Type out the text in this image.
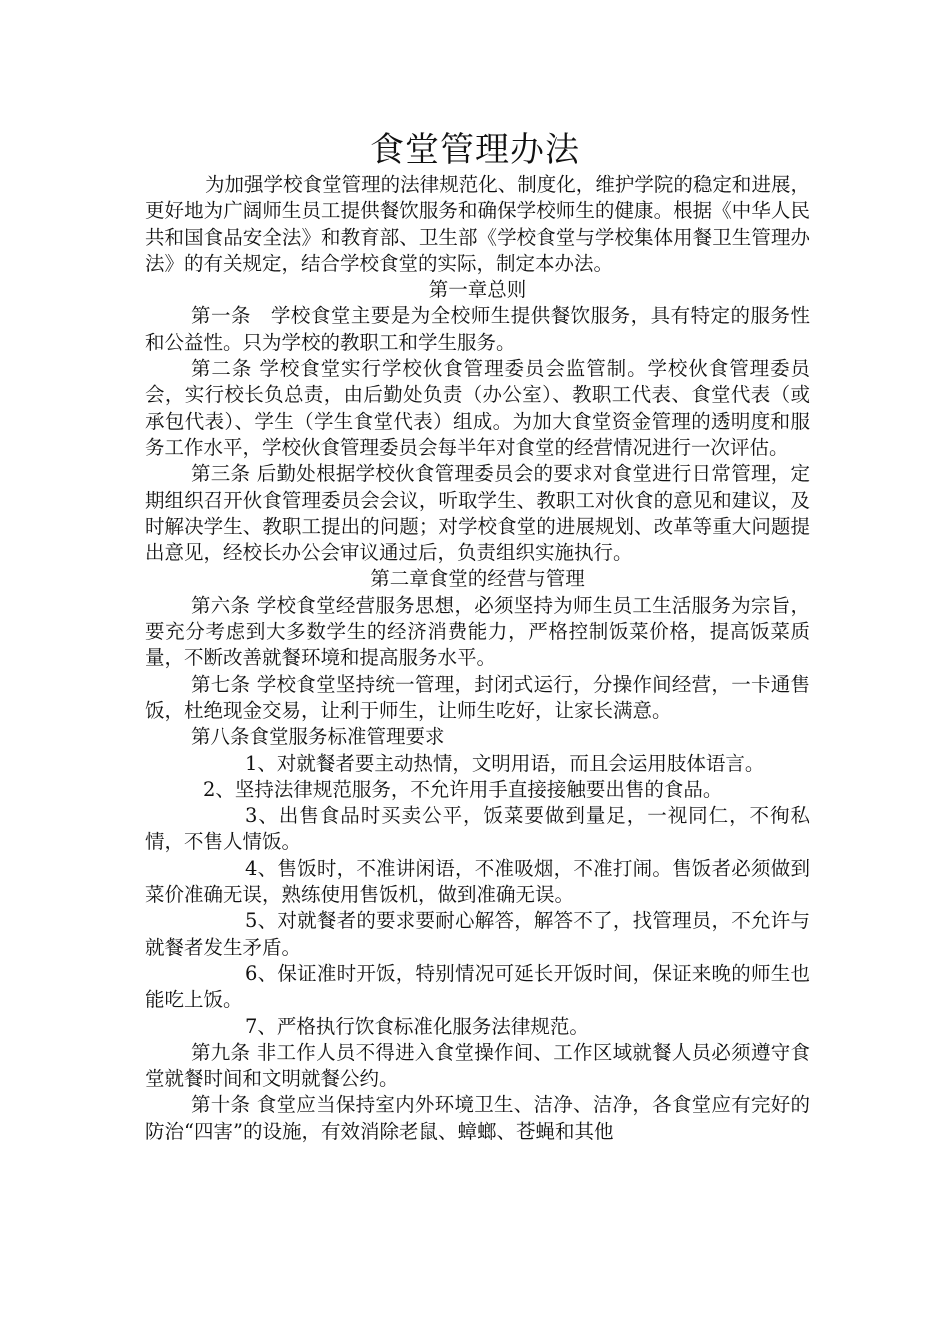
食堂管理办法

为加强学校食堂管理的法律规范化、制度化，维护学院的稳定和进展，更好地为广阔师生员工提供餐饮服务和确保学校师生的健康。根据《中华人民共和国食品安全法》和教育部、卫生部《学校食堂与学校集体用餐卫生管理办法》的有关规定，结合学校食堂的实际，制定本办法。

第一章总则

第一条　学校食堂主要是为全校师生提供餐饮服务，具有特定的服务性和公益性。只为学校的教职工和学生服务。

第二条 学校食堂实行学校伙食管理委员会监管制。学校伙食管理委员会，实行校长负总责，由后勤处负责（办公室）、教职工代表、食堂代表（或承包代表）、学生（学生食堂代表）组成。为加大食堂资金管理的透明度和服务工作水平，学校伙食管理委员会每半年对食堂的经营情况进行一次评估。

第三条 后勤处根据学校伙食管理委员会的要求对食堂进行日常管理，定期组织召开伙食管理委员会会议，听取学生、教职工对伙食的意见和建议，及时解决学生、教职工提出的问题；对学校食堂的进展规划、改革等重大问题提出意见，经校长办公会审议通过后，负责组织实施执行。

第二章食堂的经营与管理

第六条 学校食堂经营服务思想，必须坚持为师生员工生活服务为宗旨，要充分考虑到大多数学生的经济消费能力，严格控制饭菜价格，提高饭菜质量，不断改善就餐环境和提高服务水平。

第七条 学校食堂坚持统一管理，封闭式运行，分操作间经营，一卡通售饭，杜绝现金交易，让利于师生，让师生吃好，让家长满意。

第八条食堂服务标准管理要求

1、对就餐者要主动热情，文明用语，而且会运用肢体语言。

2、坚持法律规范服务，不允许用手直接接触要出售的食品。

3、出售食品时买卖公平，饭菜要做到量足，一视同仁，不徇私情，不售人情饭。

4、售饭时，不准讲闲语，不准吸烟，不准打闹。售饭者必须做到菜价准确无误，熟练使用售饭机，做到准确无误。

5、对就餐者的要求要耐心解答，解答不了，找管理员，不允许与就餐者发生矛盾。

6、保证准时开饭，特别情况可延长开饭时间，保证来晚的师生也能吃上饭。

7、严格执行饮食标准化服务法律规范。

第九条 非工作人员不得进入食堂操作间、工作区域就餐人员必须遵守食堂就餐时间和文明就餐公约。

第十条 食堂应当保持室内外环境卫生、洁净、洁净，各食堂应有完好的防治“四害”的设施，有效消除老鼠、蟑螂、苍蝇和其他
